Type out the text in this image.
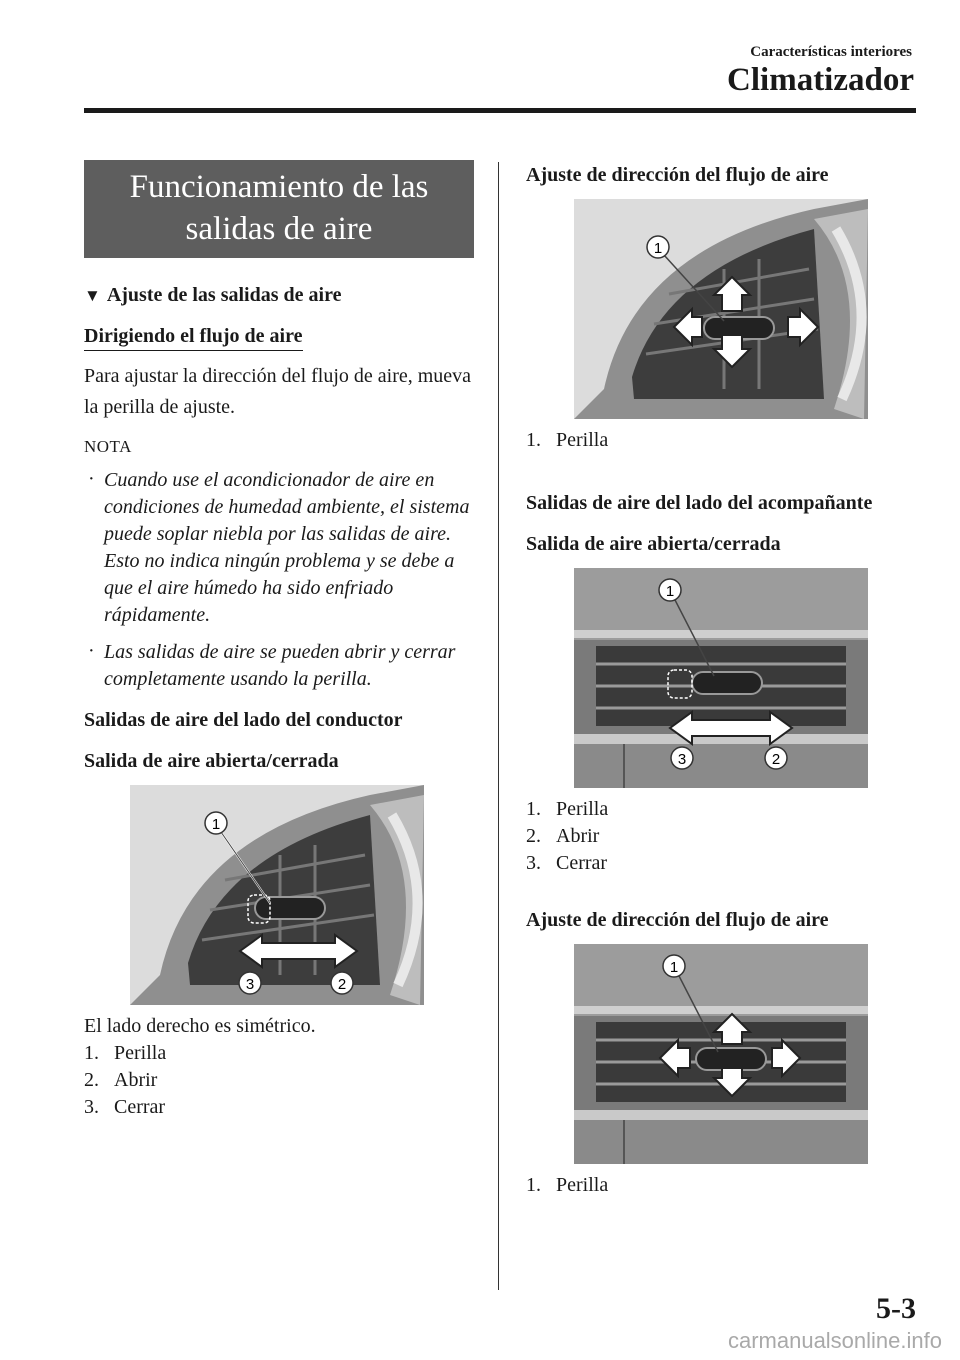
Características interiores
Climatizador
Funcionamiento de las salidas de aire
▼ Ajuste de las salidas de aire
Dirigiendo el flujo de aire
Para ajustar la dirección del flujo de aire, mueva la perilla de ajuste.
NOTA
· Cuando use el acondicionador de aire en condiciones de humedad ambiente, el sistema puede soplar niebla por las salidas de aire. Esto no indica ningún problema y se debe a que el aire húmedo ha sido enfriado rápidamente.
· Las salidas de aire se pueden abrir y cerrar completamente usando la perilla.
Salidas de aire del lado del conductor
Salida de aire abierta/cerrada
1
3	2
El lado derecho es simétrico.
1. Perilla
2. Abrir
3. Cerrar
Ajuste de dirección del flujo de aire
1
1. Perilla
Salidas de aire del lado del acompañante
Salida de aire abierta/cerrada
1
3	2
1. Perilla
2. Abrir
3. Cerrar
Ajuste de dirección del flujo de aire
1
1. Perilla
5-3
carmanualsonline.info
